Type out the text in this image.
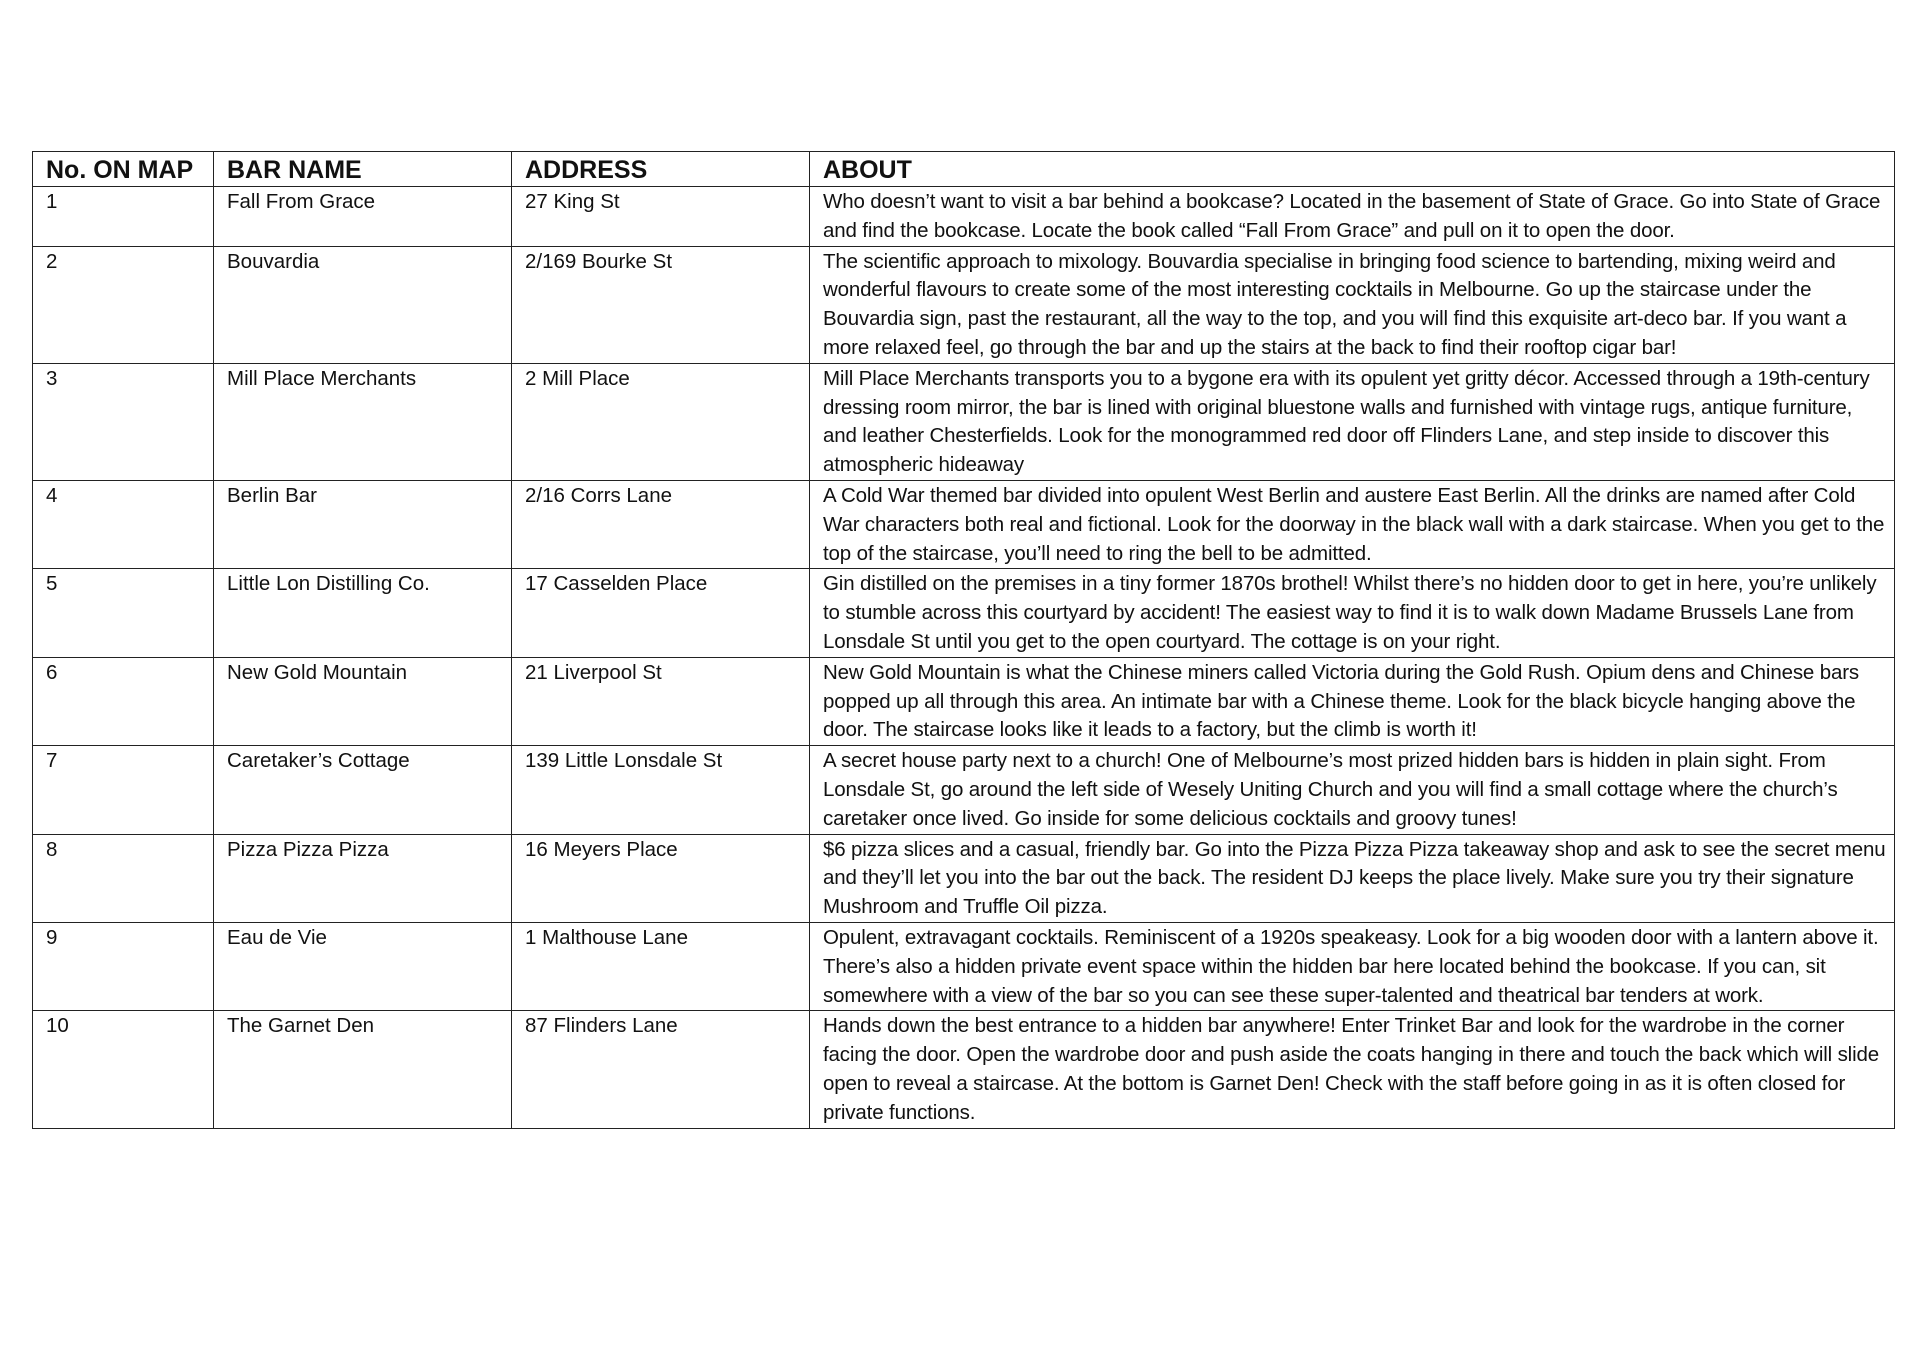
No. ON MAP	BAR NAME	ADDRESS	ABOUT
1	Fall From Grace	27 King St	Who doesn’t want to visit a bar behind a bookcase? Located in the basement of State of Grace. Go into State of Grace and find the bookcase. Locate the book called “Fall From Grace” and pull on it to open the door.
2	Bouvardia	2/169 Bourke St	The scientific approach to mixology. Bouvardia specialise in bringing food science to bartending, mixing weird and wonderful flavours to create some of the most interesting cocktails in Melbourne. Go up the staircase under the Bouvardia sign, past the restaurant, all the way to the top, and you will find this exquisite art-deco bar. If you want a more relaxed feel, go through the bar and up the stairs at the back to find their rooftop cigar bar!
3	Mill Place Merchants	2 Mill Place	Mill Place Merchants transports you to a bygone era with its opulent yet gritty décor. Accessed through a 19th-century dressing room mirror, the bar is lined with original bluestone walls and furnished with vintage rugs, antique furniture, and leather Chesterfields. Look for the monogrammed red door off Flinders Lane, and step inside to discover this atmospheric hideaway
4	Berlin Bar	2/16 Corrs Lane	A Cold War themed bar divided into opulent West Berlin and austere East Berlin. All the drinks are named after Cold War characters both real and fictional. Look for the doorway in the black wall with a dark staircase. When you get to the top of the staircase, you’ll need to ring the bell to be admitted.
5	Little Lon Distilling Co.	17 Casselden Place	Gin distilled on the premises in a tiny former 1870s brothel! Whilst there’s no hidden door to get in here, you’re unlikely to stumble across this courtyard by accident! The easiest way to find it is to walk down Madame Brussels Lane from Lonsdale St until you get to the open courtyard. The cottage is on your right.
6	New Gold Mountain	21 Liverpool St	New Gold Mountain is what the Chinese miners called Victoria during the Gold Rush. Opium dens and Chinese bars popped up all through this area. An intimate bar with a Chinese theme. Look for the black bicycle hanging above the door. The staircase looks like it leads to a factory, but the climb is worth it!
7	Caretaker’s Cottage	139 Little Lonsdale St	A secret house party next to a church! One of Melbourne’s most prized hidden bars is hidden in plain sight. From Lonsdale St, go around the left side of Wesely Uniting Church and you will find a small cottage where the church’s caretaker once lived. Go inside for some delicious cocktails and groovy tunes!
8	Pizza Pizza Pizza	16 Meyers Place	$6 pizza slices and a casual, friendly bar. Go into the Pizza Pizza Pizza takeaway shop and ask to see the secret menu and they’ll let you into the bar out the back. The resident DJ keeps the place lively. Make sure you try their signature Mushroom and Truffle Oil pizza.
9	Eau de Vie	1 Malthouse Lane	Opulent, extravagant cocktails. Reminiscent of a 1920s speakeasy. Look for a big wooden door with a lantern above it. There’s also a hidden private event space within the hidden bar here located behind the bookcase. If you can, sit somewhere with a view of the bar so you can see these super-talented and theatrical bar tenders at work.
10	The Garnet Den	87 Flinders Lane	Hands down the best entrance to a hidden bar anywhere! Enter Trinket Bar and look for the wardrobe in the corner facing the door. Open the wardrobe door and push aside the coats hanging in there and touch the back which will slide open to reveal a staircase. At the bottom is Garnet Den! Check with the staff before going in as it is often closed for private functions.
